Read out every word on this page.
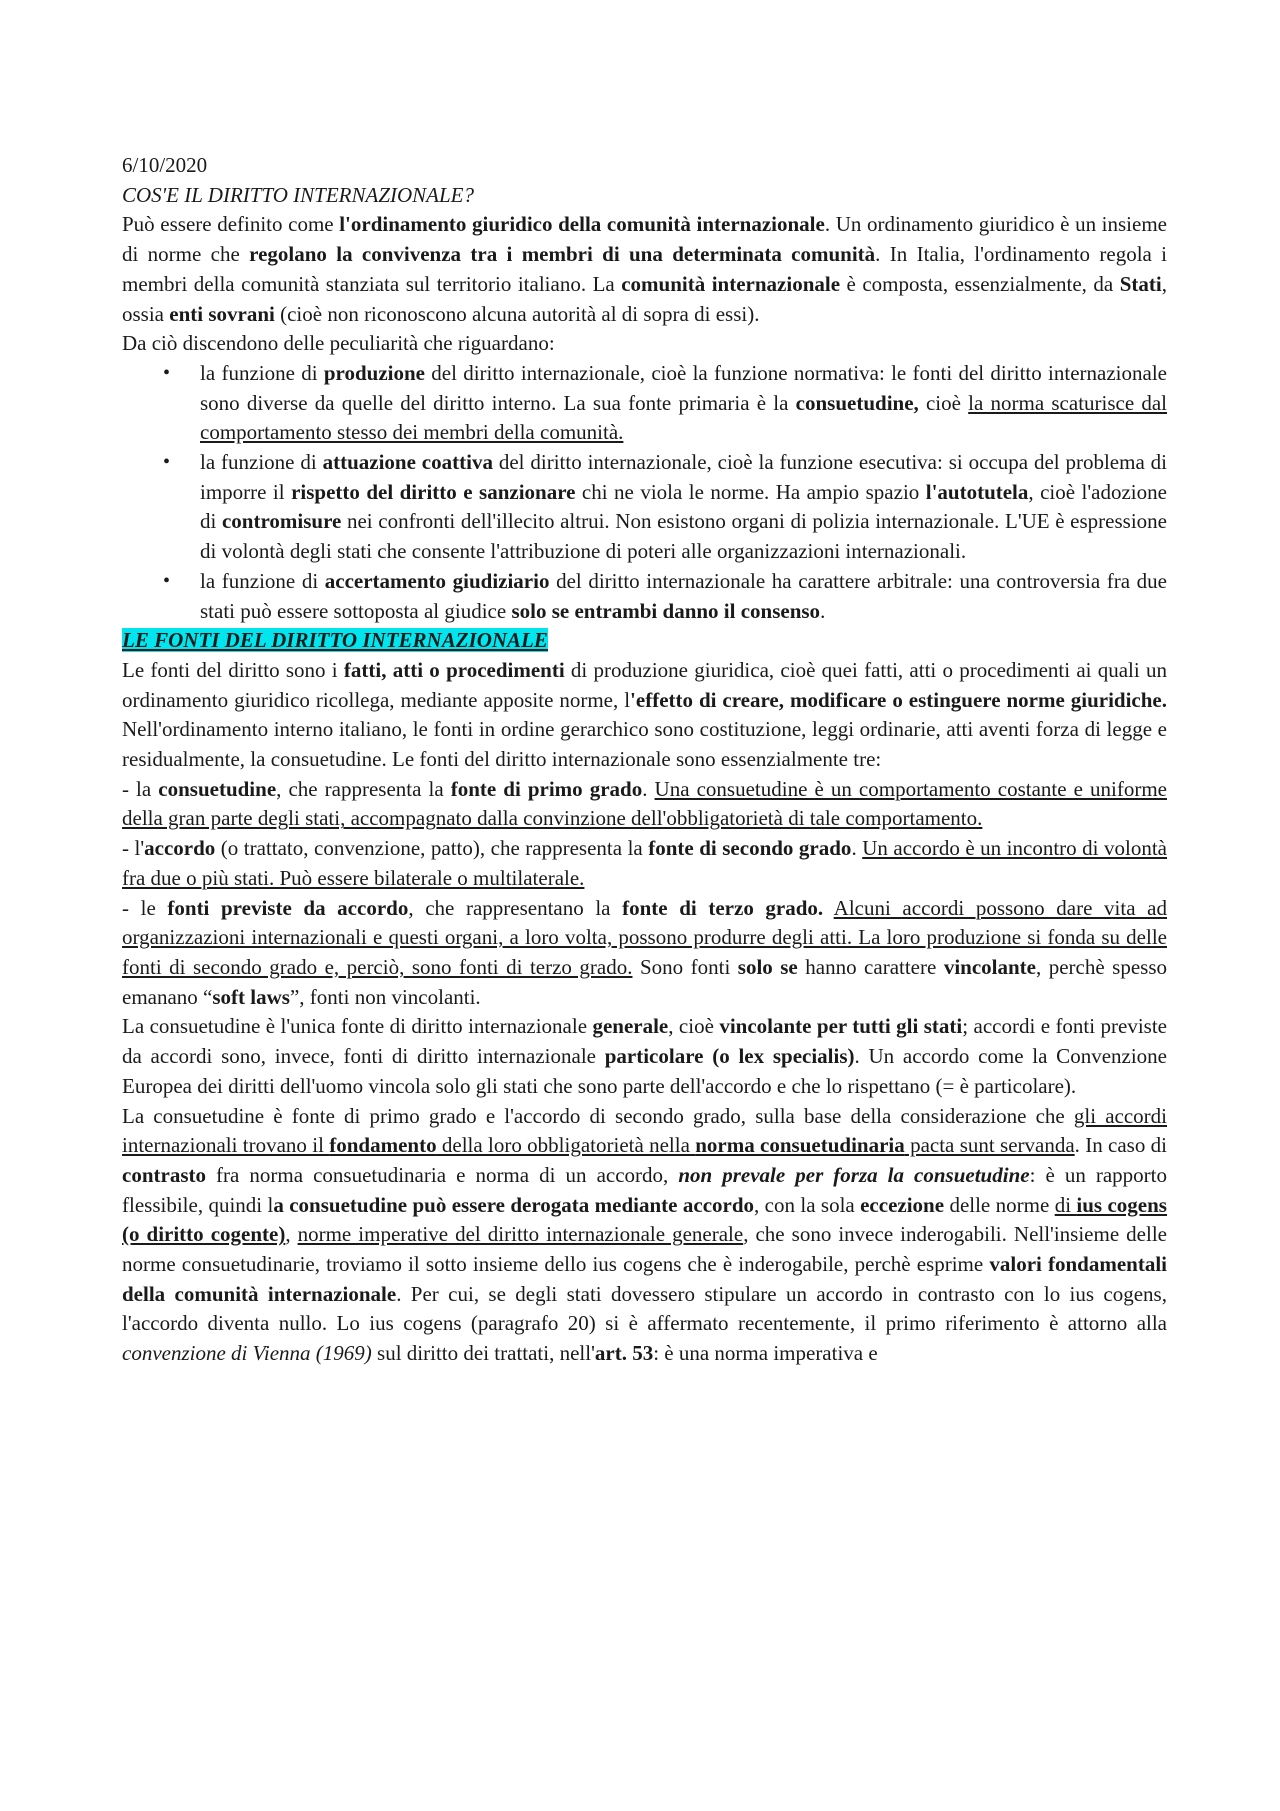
6/10/2020

COS'E IL DIRITTO INTERNAZIONALE?

Può essere definito come l'ordinamento giuridico della comunità internazionale. Un ordinamento giuridico è un insieme di norme che regolano la convivenza tra i membri di una determinata comunità. In Italia, l'ordinamento regola i membri della comunità stanziata sul territorio italiano. La comunità internazionale è composta, essenzialmente, da Stati, ossia enti sovrani (cioè non riconoscono alcuna autorità al di sopra di essi).

Da ciò discendono delle peculiarità che riguardano:

• la funzione di produzione del diritto internazionale, cioè la funzione normativa: le fonti del diritto internazionale sono diverse da quelle del diritto interno. La sua fonte primaria è la consuetudine, cioè la norma scaturisce dal comportamento stesso dei membri della comunità.
• la funzione di attuazione coattiva del diritto internazionale, cioè la funzione esecutiva: si occupa del problema di imporre il rispetto del diritto e sanzionare chi ne viola le norme. Ha ampio spazio l'autotutela, cioè l'adozione di contromisure nei confronti dell'illecito altrui. Non esistono organi di polizia internazionale. L'UE è espressione di volontà degli stati che consente l'attribuzione di poteri alle organizzazioni internazionali.
• la funzione di accertamento giudiziario del diritto internazionale ha carattere arbitrale: una controversia fra due stati può essere sottoposta al giudice solo se entrambi danno il consenso.

LE FONTI DEL DIRITTO INTERNAZIONALE

Le fonti del diritto sono i fatti, atti o procedimenti di produzione giuridica, cioè quei fatti, atti o procedimenti ai quali un ordinamento giuridico ricollega, mediante apposite norme, l'effetto di creare, modificare o estinguere norme giuridiche. Nell'ordinamento interno italiano, le fonti in ordine gerarchico sono costituzione, leggi ordinarie, atti aventi forza di legge e residualmente, la consuetudine. Le fonti del diritto internazionale sono essenzialmente tre:

- la consuetudine, che rappresenta la fonte di primo grado. Una consuetudine è un comportamento costante e uniforme della gran parte degli stati, accompagnato dalla convinzione dell'obbligatorietà di tale comportamento.

- l'accordo (o trattato, convenzione, patto), che rappresenta la fonte di secondo grado. Un accordo è un incontro di volontà fra due o più stati. Può essere bilaterale o multilaterale.

- le fonti previste da accordo, che rappresentano la fonte di terzo grado. Alcuni accordi possono dare vita ad organizzazioni internazionali e questi organi, a loro volta, possono produrre degli atti. La loro produzione si fonda su delle fonti di secondo grado e, perciò, sono fonti di terzo grado. Sono fonti solo se hanno carattere vincolante, perchè spesso emanano “soft laws”, fonti non vincolanti.

La consuetudine è l'unica fonte di diritto internazionale generale, cioè vincolante per tutti gli stati; accordi e fonti previste da accordi sono, invece, fonti di diritto internazionale particolare (o lex specialis). Un accordo come la Convenzione Europea dei diritti dell'uomo vincola solo gli stati che sono parte dell'accordo e che lo rispettano (= è particolare).

La consuetudine è fonte di primo grado e l'accordo di secondo grado, sulla base della considerazione che gli accordi internazionali trovano il fondamento della loro obbligatorietà nella norma consuetudinaria pacta sunt servanda. In caso di contrasto fra norma consuetudinaria e norma di un accordo, non prevale per forza la consuetudine: è un rapporto flessibile, quindi la consuetudine può essere derogata mediante accordo, con la sola eccezione delle norme di ius cogens (o diritto cogente), norme imperative del diritto internazionale generale, che sono invece inderogabili. Nell'insieme delle norme consuetudinarie, troviamo il sotto insieme dello ius cogens che è inderogabile, perchè esprime valori fondamentali della comunità internazionale. Per cui, se degli stati dovessero stipulare un accordo in contrasto con lo ius cogens, l'accordo diventa nullo. Lo ius cogens (paragrafo 20) si è affermato recentemente, il primo riferimento è attorno alla convenzione di Vienna (1969) sul diritto dei trattati, nell'art. 53: è una norma imperativa e
